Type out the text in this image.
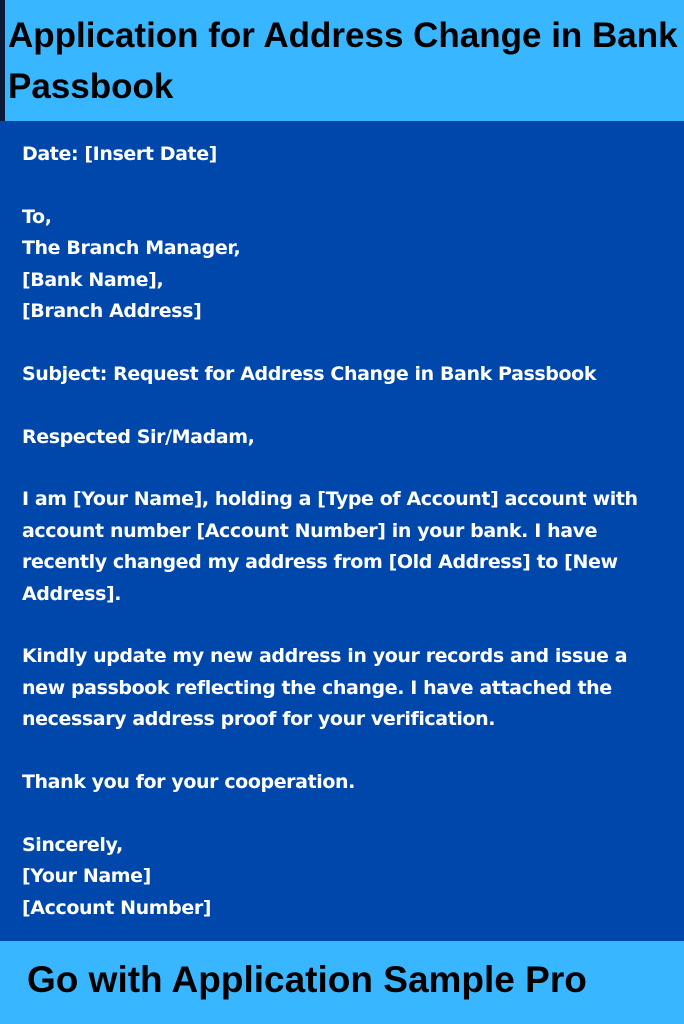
Application for Address Change in Bank Passbook

Date: [Insert Date]

To,

The Branch Manager,

[Bank Name],

[Branch Address]

Subject: Request for Address Change in Bank Passbook

Respected Sir/Madam,

I am [Your Name], holding a [Type of Account] account with account number [Account Number] in your bank. I have recently changed my address from [Old Address] to [New Address].

Kindly update my new address in your records and issue a new passbook reflecting the change. I have attached the necessary address proof for your verification.

Thank you for your cooperation.

Sincerely,

[Your Name]

[Account Number]

Go with Application Sample Pro
